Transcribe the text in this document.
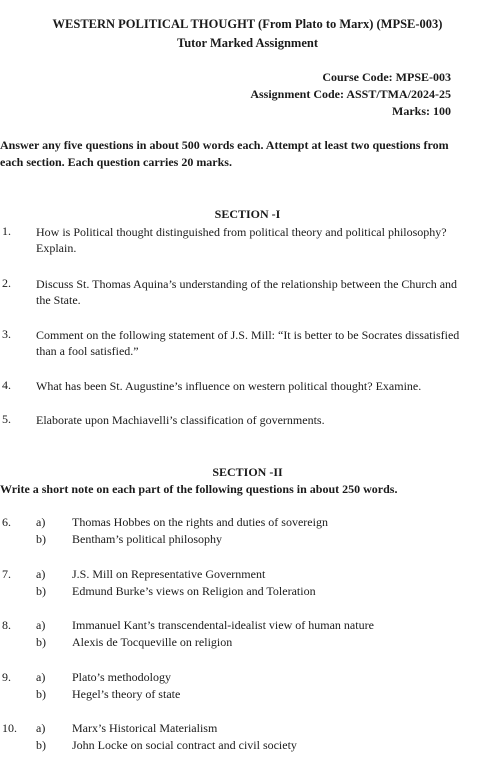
WESTERN POLITICAL THOUGHT (From Plato to Marx) (MPSE-003)
Tutor Marked Assignment
Course Code: MPSE-003
Assignment Code: ASST/TMA/2024-25
Marks: 100
Answer any five questions in about 500 words each. Attempt at least two questions from
each section. Each question carries 20 marks.
SECTION -I
1. How is Political thought distinguished from political theory and political philosophy?
Explain.
2. Discuss St. Thomas Aquina’s understanding of the relationship between the Church and
the State.
3. Comment on the following statement of J.S. Mill: “It is better to be Socrates dissatisfied
than a fool satisfied.”
4. What has been St. Augustine’s influence on western political thought? Examine.
5. Elaborate upon Machiavelli’s classification of governments.
SECTION -II
Write a short note on each part of the following questions in about 250 words.
6. a) Thomas Hobbes on the rights and duties of sovereign
b) Bentham’s political philosophy
7. a) J.S. Mill on Representative Government
b) Edmund Burke’s views on Religion and Toleration
8. a) Immanuel Kant’s transcendental-idealist view of human nature
b) Alexis de Tocqueville on religion
9. a) Plato’s methodology
b) Hegel’s theory of state
10. a) Marx’s Historical Materialism
b) John Locke on social contract and civil society
